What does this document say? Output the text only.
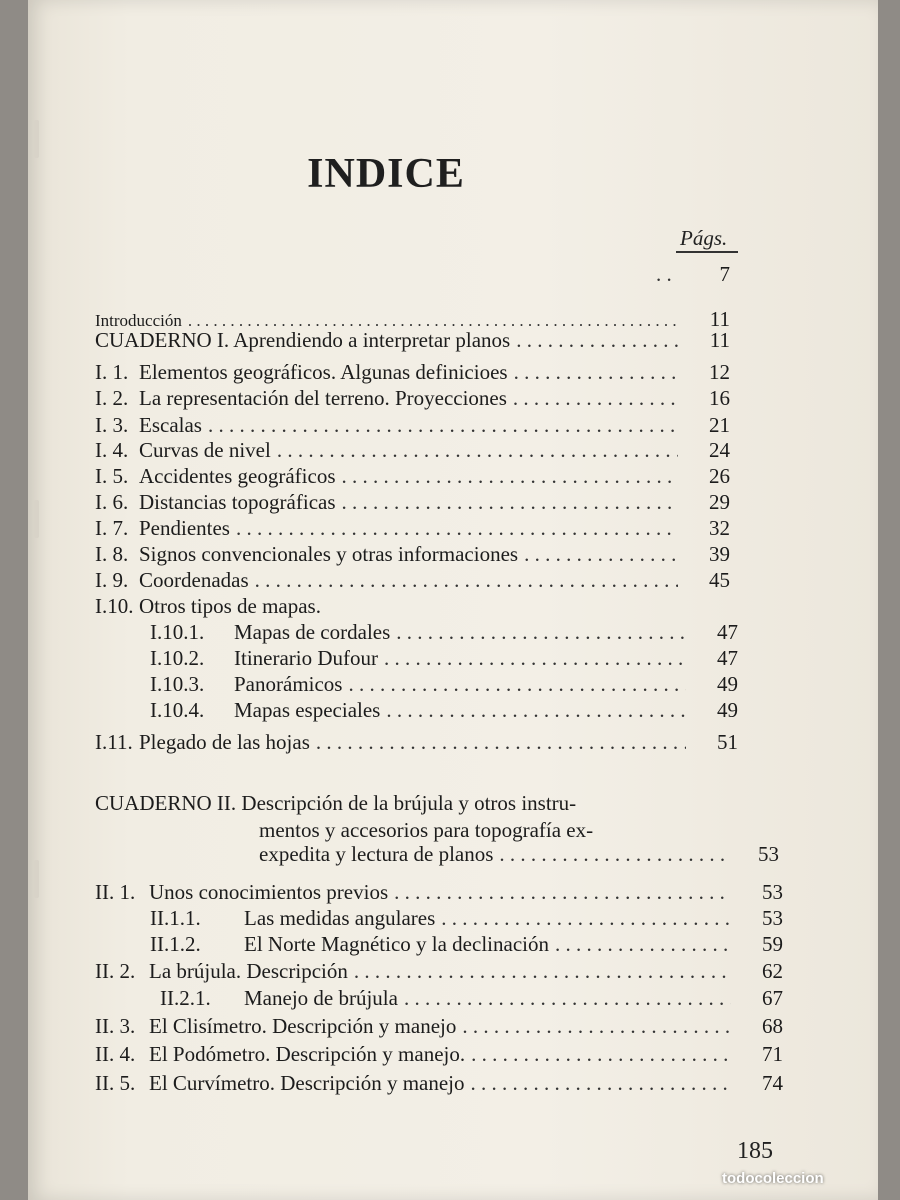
INDICE
Págs.
. . .
7
Introducción . . .	11
CUADERNO I. Aprendiendo a interpretar planos . . .	11
I. 1. Elementos geográficos. Algunas definicioes . . .	12
I. 2. La representación del terreno. Proyecciones . . .	16
I. 3. Escalas . . .	21
I. 4. Curvas de nivel . . .	24
I. 5. Accidentes geográficos . . .	26
I. 6. Distancias topográficas . . .	29
I. 7. Pendientes . . .	32
I. 8. Signos convencionales y otras informaciones . . .	39
I. 9. Coordenadas . . .	45
I.10. Otros tipos de mapas.
I.10.1.	Mapas de cordales . . .	47
I.10.2.	Itinerario Dufour . . .	47
I.10.3.	Panorámicos . . .	49
I.10.4.	Mapas especiales . . .	49
I.11. Plegado de las hojas . . .	51
CUADERNO II. Descripción de la brújula y otros instru-
mentos y accesorios para topografía ex-
expedita y lectura de planos . . .	53
II. 1. Unos conocimientos previos . . .	53
II.1.1.	Las medidas angulares . . .	53
II.1.2.	El Norte Magnético y la declinación . . .	59
II. 2. La brújula. Descripción . . .	62
II.2.1.	Manejo de brújula . . .	67
II. 3. El Clisímetro. Descripción y manejo . . .	68
II. 4. El Podómetro. Descripción y manejo. . . .	71
II. 5. El Curvímetro. Descripción y manejo . . .	74
185
todocoleccion
